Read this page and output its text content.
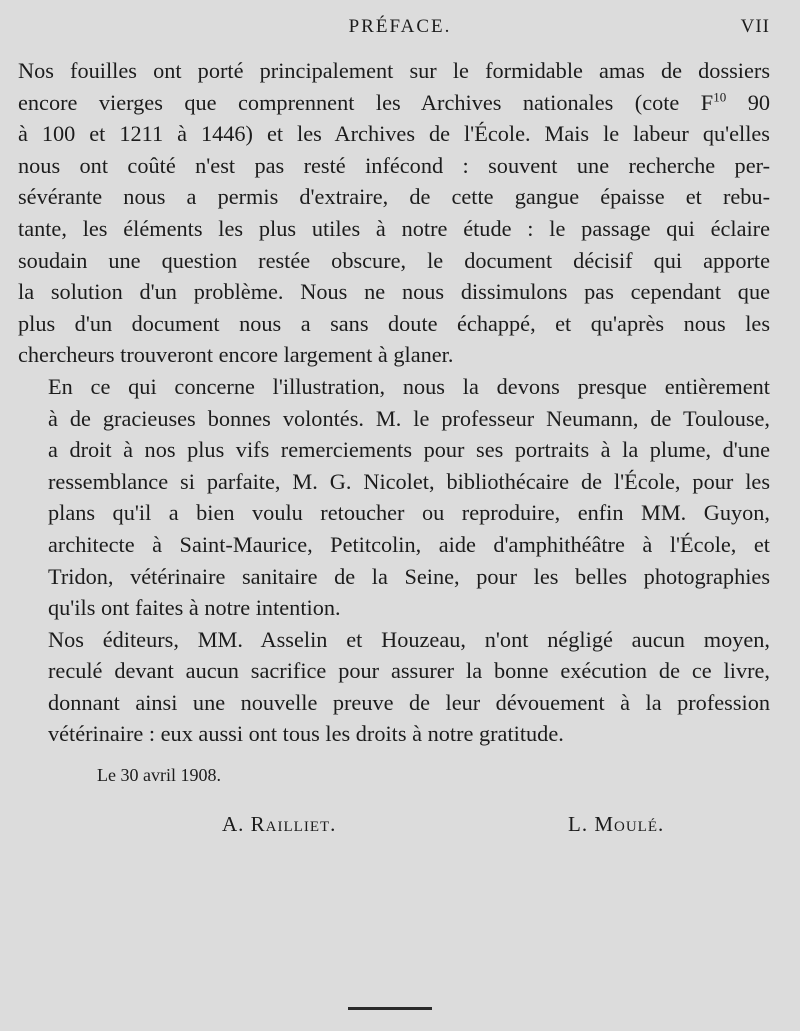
PRÉFACE.	VII

Nos fouilles ont porté principalement sur le formidable amas de dossiers
encore vierges que comprennent les Archives nationales (cote $F^{10}$ 90
à 100 et 1211 à 1446) et les Archives de l'École. Mais le labeur qu'elles
nous ont coûté n'est pas resté infécond : souvent une recherche per-
sévérante nous a permis d'extraire, de cette gangue épaisse et rebu-
tante, les éléments les plus utiles à notre étude : le passage qui éclaire
soudain une question restée obscure, le document décisif qui apporte
la solution d'un problème. Nous ne nous dissimulons pas cependant que
plus d'un document nous a sans doute échappé, et qu'après nous les
chercheurs trouveront encore largement à glaner.

En ce qui concerne l'illustration, nous la devons presque entièrement
à de gracieuses bonnes volontés. M. le professeur Neumann, de Toulouse,
a droit à nos plus vifs remerciements pour ses portraits à la plume, d'une
ressemblance si parfaite, M. G. Nicolet, bibliothécaire de l'École, pour les
plans qu'il a bien voulu retoucher ou reproduire, enfin MM. Guyon,
architecte à Saint-Maurice, Petitcolin, aide d'amphithéâtre à l'École, et
Tridon, vétérinaire sanitaire de la Seine, pour les belles photographies
qu'ils ont faites à notre intention.

Nos éditeurs, MM. Asselin et Houzeau, n'ont négligé aucun moyen,
reculé devant aucun sacrifice pour assurer la bonne exécution de ce livre,
donnant ainsi une nouvelle preuve de leur dévouement à la profession
vétérinaire : eux aussi ont tous les droits à notre gratitude.

Le 30 avril 1908.
A. Railliet.	L. Moulé.
